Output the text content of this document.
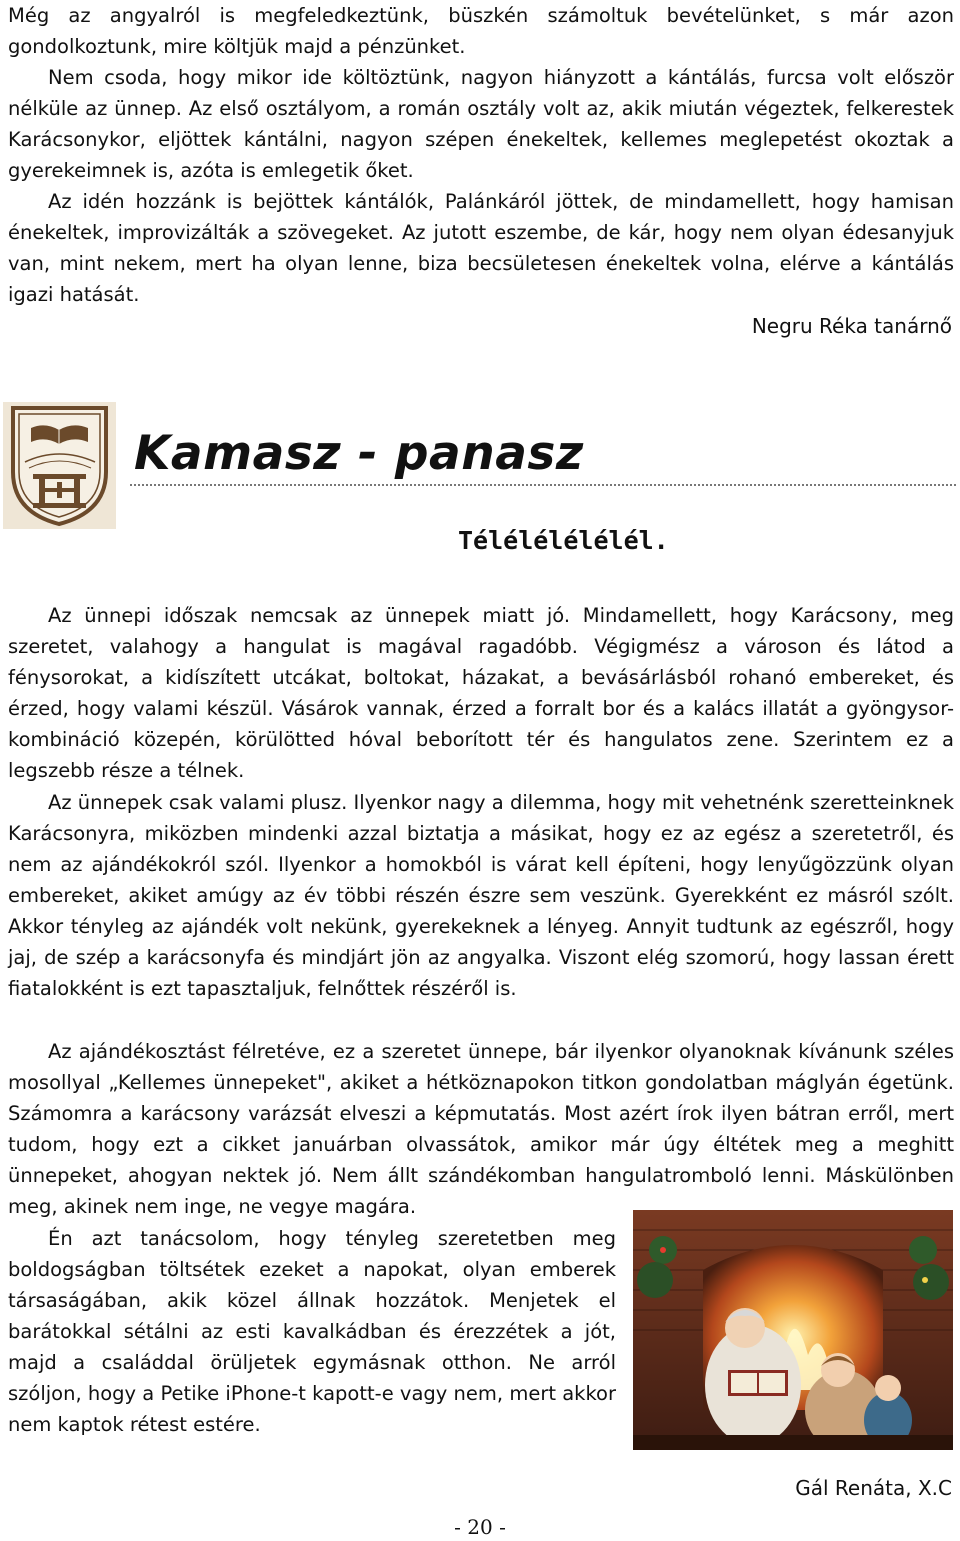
Még az angyalról is megfeledkeztünk, büszkén számoltuk bevételünket, s már azon gondolkoztunk, mire költjük majd a pénzünket.

Nem csoda, hogy mikor ide költöztünk, nagyon hiányzott a kántálás, furcsa volt először nélküle az ünnep. Az első osztályom, a román osztály volt az, akik miután végeztek, felkerestek Karácsonykor, eljöttek kántálni, nagyon szépen énekeltek, kellemes meglepetést okoztak a gyerekeimnek is, azóta is emlegetik őket.

Az idén hozzánk is bejöttek kántálók, Palánkáról jöttek, de mindamellett, hogy hamisan énekeltek, improvizálták a szövegeket. Az jutott eszembe, de kár, hogy nem olyan édesanyjuk van, mint nekem, mert ha olyan lenne, biza becsületesen énekeltek volna, elérve a kántálás igazi hatását.

Negru Réka tanárnő
Kamasz - panasz
Télélélélélél.

Az ünnepi időszak nemcsak az ünnepek miatt jó. Mindamellett, hogy Karácsony, meg szeretet, valahogy a hangulat is magával ragadóbb. Végigmész a városon és látod a fénysorokat, a kidíszített utcákat, boltokat, házakat, a bevásárlásból rohanó embereket, és érzed, hogy valami készül. Vásárok vannak, érzed a forralt bor és a kalács illatát a gyöngysor-kombináció közepén, körülötted hóval beborított tér és hangulatos zene. Szerintem ez a legszebb része a télnek.

Az ünnepek csak valami plusz. Ilyenkor nagy a dilemma, hogy mit vehetnénk szeretteinknek Karácsonyra, miközben mindenki azzal biztatja a másikat, hogy ez az egész a szeretetről, és nem az ajándékokról szól. Ilyenkor a homokból is várat kell építeni, hogy lenyűgözzünk olyan embereket, akiket amúgy az év többi részén észre sem veszünk. Gyerekként ez másról szólt. Akkor tényleg az ajándék volt nekünk, gyerekeknek a lényeg. Annyit tudtunk az egészről, hogy jaj, de szép a karácsonyfa és mindjárt jön az angyalka. Viszont elég szomorú, hogy lassan érett fiatalokként is ezt tapasztaljuk, felnőttek részéről is.

Az ajándékosztást félretéve, ez a szeretet ünnepe, bár ilyenkor olyanoknak kívánunk széles mosollyal „Kellemes ünnepeket", akiket a hétköznapokon titkon gondolatban máglyán égetünk. Számomra a karácsony varázsát elveszi a képmutatás. Most azért írok ilyen bátran erről, mert tudom, hogy ezt a cikket januárban olvassátok, amikor már úgy éltétek meg a meghitt ünnepeket, ahogyan nektek jó. Nem állt szándékomban hangulatromboló lenni. Máskülönben meg, akinek nem inge, ne vegye magára.

Én azt tanácsolom, hogy tényleg szeretetben meg boldogságban töltsétek ezeket a napokat, olyan emberek társaságában, akik közel állnak hozzátok. Menjetek el barátokkal sétálni az esti kavalkádban és érezzétek a jót, majd a családdal örüljetek egymásnak otthon. Ne arról szóljon, hogy a Petike iPhone-t kapott-e vagy nem, mert akkor nem kaptok rétest estére.

Gál Renáta, X.C
- 20 -
